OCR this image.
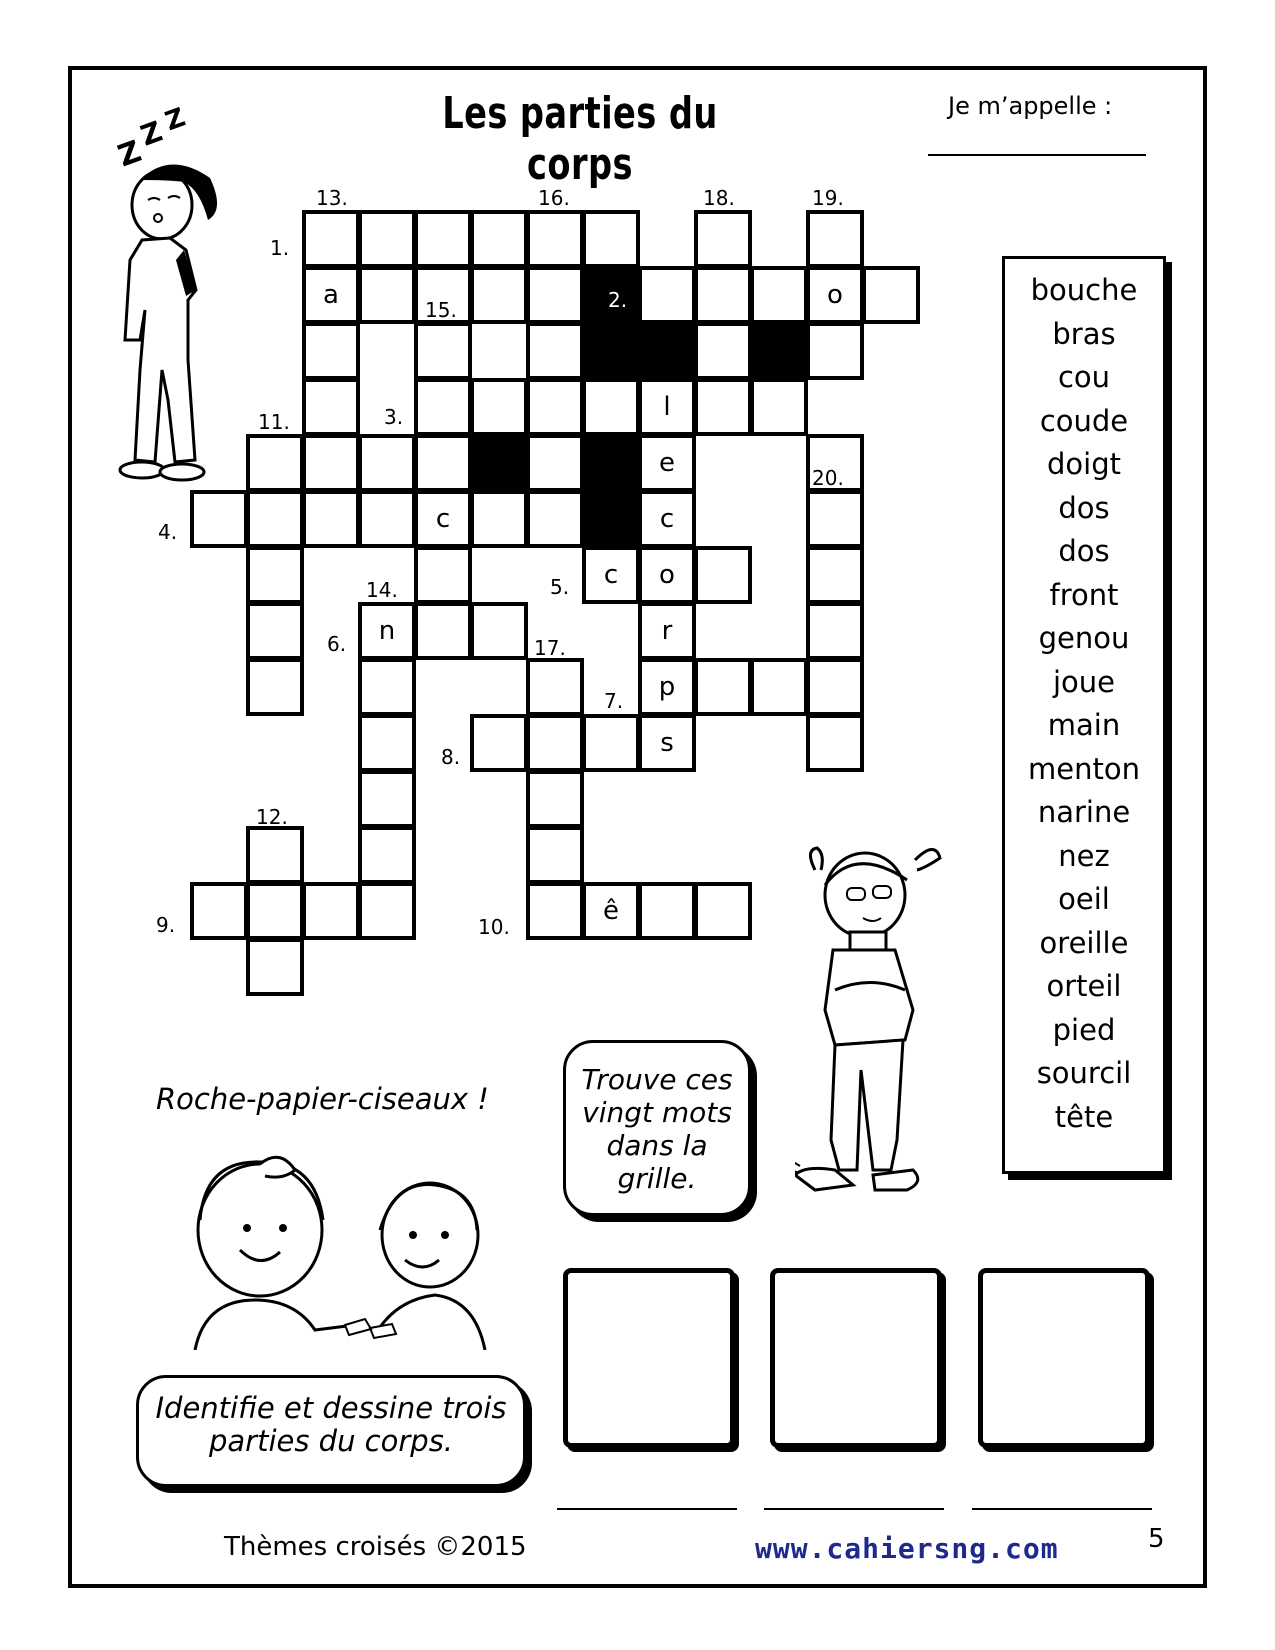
Les parties du corps
Je m’appelle :
Z
Z
Z
a	o
l
e
c	c
c	o
n	r
p
s
ê
2.
1.
3.
4.
5.
6.
7.
8.
9.	10.
11.
12.
13.
14.
15.
16.
17.
18.	19.
20.
bouche
bras
cou
coude
doigt
dos
dos
front
genou
joue
main
menton
narine
nez
oeil
oreille
orteil
pied
sourcil
tête
Trouve ces vingt mots dans la grille.
Roche-papier-ciseaux !
Identifie et dessine trois parties du corps.
Thèmes croisés ©2015	www.cahiersng.com	5
